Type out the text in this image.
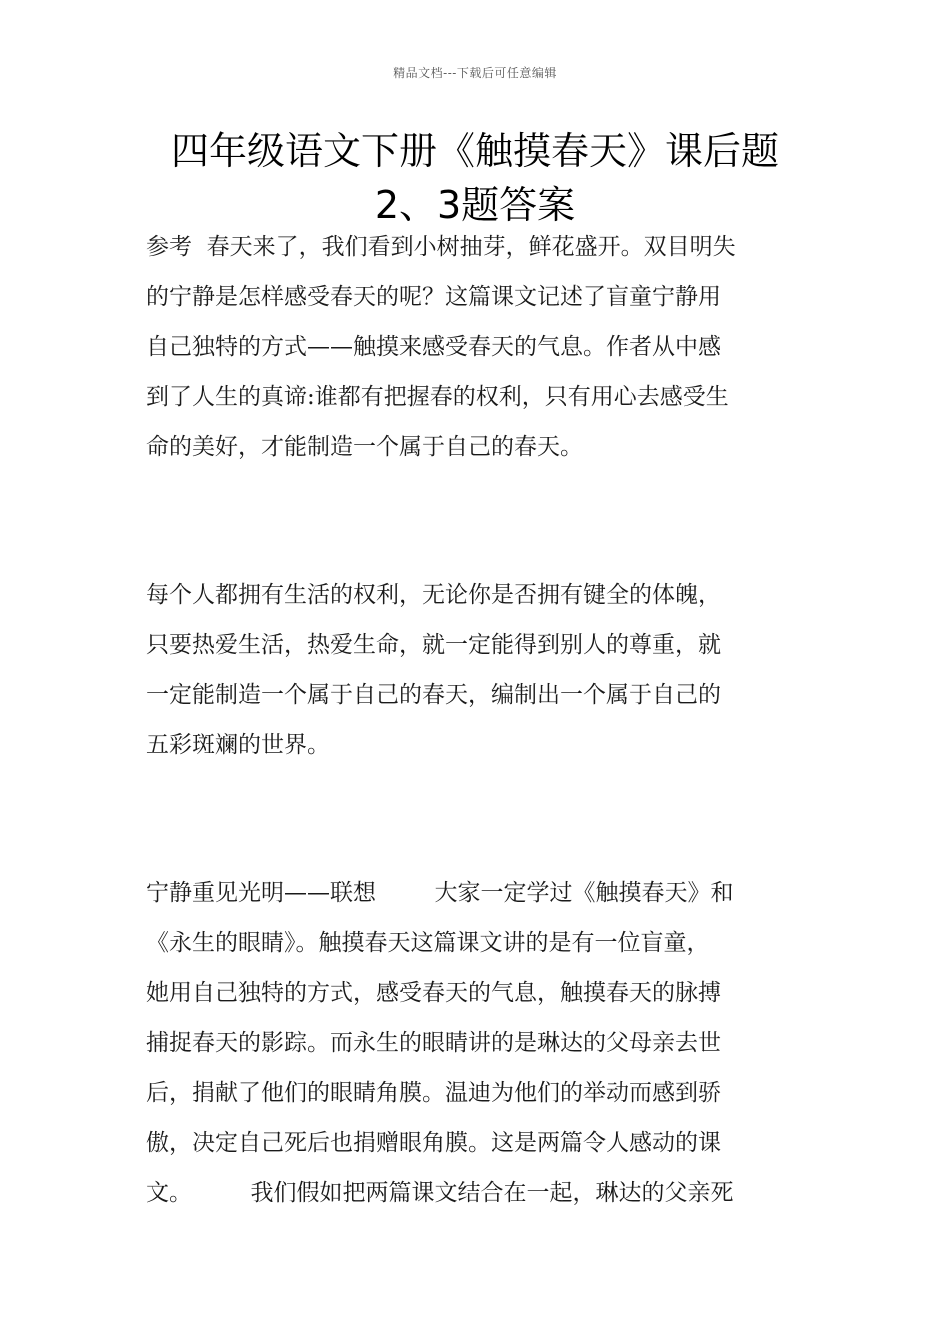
精品文档---下载后可任意编辑
四年级语文下册《触摸春天》课后题
2、3题答案
参考  春天来了，我们看到小树抽芽，鲜花盛开。双目明失
的宁静是怎样感受春天的呢？这篇课文记述了盲童宁静用
自己独特的方式——触摸来感受春天的气息。作者从中感
到了人生的真谛:谁都有把握春的权利，只有用心去感受生
命的美好，才能制造一个属于自己的春天。
每个人都拥有生活的权利，无论你是否拥有键全的体魄，
只要热爱生活，热爱生命，就一定能得到别人的尊重，就
一定能制造一个属于自己的春天，编制出一个属于自己的
五彩斑斓的世界。
宁静重见光明——联想        大家一定学过《触摸春天》和
《永生的眼睛》。触摸春天这篇课文讲的是有一位盲童，
她用自己独特的方式，感受春天的气息，触摸春天的脉搏
捕捉春天的影踪。而永生的眼睛讲的是琳达的父母亲去世
后，捐献了他们的眼睛角膜。温迪为他们的举动而感到骄
傲，决定自己死后也捐赠眼角膜。这是两篇令人感动的课
文。        我们假如把两篇课文结合在一起，琳达的父亲死
